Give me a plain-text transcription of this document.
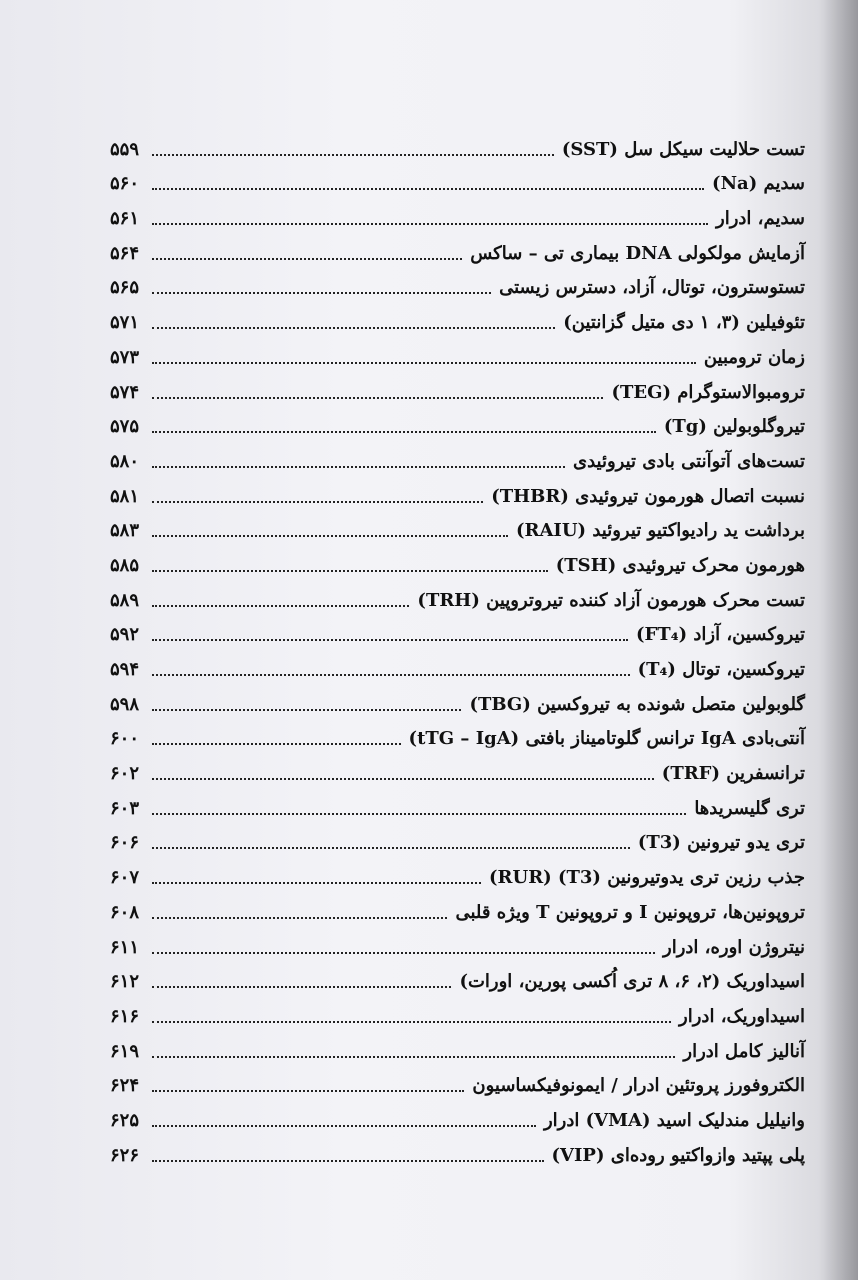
تست حلالیت سیکل سل (SST)
۵۵۹
سدیم (Na)
۵۶۰
سدیم، ادرار
۵۶۱
آزمایش مولکولی DNA بیماری تی – ساکس
۵۶۴
تستوسترون، توتال، آزاد، دسترس زیستی
۵۶۵
تئوفیلین (۳، ۱ دی متیل گزانتین)
۵۷۱
زمان ترومبین
۵۷۳
ترومبوالاستوگرام (TEG)
۵۷۴
تیروگلوبولین (Tg)
۵۷۵
تست‌های آتوآنتی بادی تیروئیدی
۵۸۰
نسبت اتصال هورمون تیروئیدی (THBR)
۵۸۱
برداشت ید رادیواکتیو تیروئید (RAIU)
۵۸۳
هورمون محرک تیروئیدی (TSH)
۵۸۵
تست محرک هورمون آزاد کننده تیروتروپین (TRH)
۵۸۹
تیروکسین، آزاد (FT₄)
۵۹۲
تیروکسین، توتال (T₄)
۵۹۴
گلوبولین متصل شونده به تیروکسین (TBG)
۵۹۸
آنتی‌بادی IgA ترانس گلوتامیناز بافتی (tTG – IgA)
۶۰۰
ترانسفرین (TRF)
۶۰۲
تری گلیسریدها
۶۰۳
تری یدو تیرونین (T3)
۶۰۶
جذب رزین تری یدوتیرونین (T3) (RUR)
۶۰۷
تروپونین‌ها، تروپونین I و تروپونین T ویژه قلبی
۶۰۸
نیتروژن اوره، ادرار
۶۱۱
اسیداوریک (۲، ۶، ۸ تری اُکسی پورین، اورات)
۶۱۲
اسیداوریک، ادرار
۶۱۶
آنالیز کامل ادرار
۶۱۹
الکتروفورز پروتئین ادرار / ایمونوفیکساسیون
۶۲۴
وانیلیل مندلیک اسید (VMA) ادرار
۶۲۵
پلی پپتید وازواکتیو روده‌ای (VIP)
۶۲۶
